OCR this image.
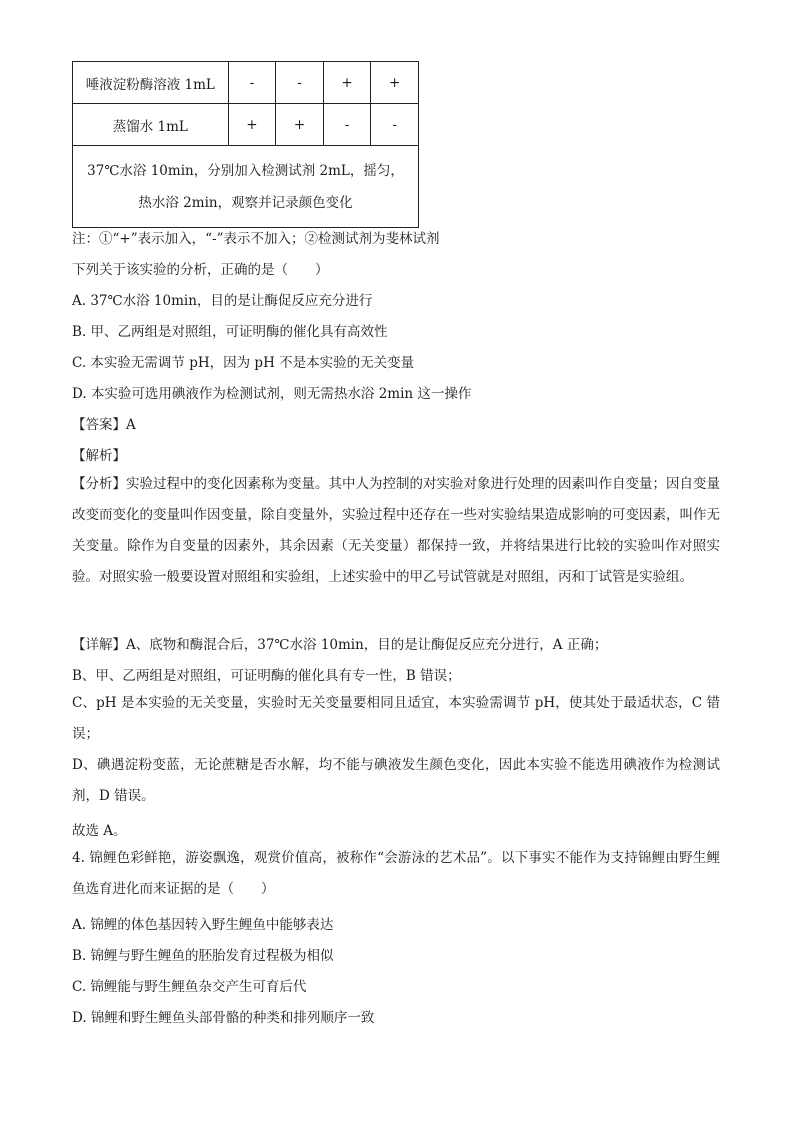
唾液淀粉酶溶液 1mL	-	-	+	+
蒸馏水 1mL	+	+	-	-
37℃水浴 10min，分别加入检测试剂 2mL，摇匀，热水浴 2min，观察并记录颜色变化				
注：①“+”表示加入，“-”表示不加入；②检测试剂为斐林试剂
下列关于该实验的分析，正确的是（　　）
A. 37℃水浴 10min，目的是让酶促反应充分进行
B. 甲、乙两组是对照组，可证明酶的催化具有高效性
C. 本实验无需调节 pH，因为 pH 不是本实验的无关变量
D. 本实验可选用碘液作为检测试剂，则无需热水浴 2min 这一操作
【答案】A
【解析】
【分析】实验过程中的变化因素称为变量。其中人为控制的对实验对象进行处理的因素叫作自变量；因自变量改变而变化的变量叫作因变量，除自变量外，实验过程中还存在一些对实验结果造成影响的可变因素，叫作无关变量。除作为自变量的因素外，其余因素（无关变量）都保持一致，并将结果进行比较的实验叫作对照实验。对照实验一般要设置对照组和实验组，上述实验中的甲乙号试管就是对照组，丙和丁试管是实验组。
【详解】A、底物和酶混合后，37℃水浴 10min，目的是让酶促反应充分进行，A 正确；
B、甲、乙两组是对照组，可证明酶的催化具有专一性，B 错误；
C、pH 是本实验的无关变量，实验时无关变量要相同且适宜，本实验需调节 pH，使其处于最适状态，C 错误；
D、碘遇淀粉变蓝，无论蔗糖是否水解，均不能与碘液发生颜色变化，因此本实验不能选用碘液作为检测试剂，D 错误。
故选 A。
4. 锦鲤色彩鲜艳，游姿飘逸，观赏价值高，被称作“会游泳的艺术品”。以下事实不能作为支持锦鲤由野生鲤鱼选育进化而来证据的是（　　）
A. 锦鲤的体色基因转入野生鲤鱼中能够表达
B. 锦鲤与野生鲤鱼的胚胎发育过程极为相似
C. 锦鲤能与野生鲤鱼杂交产生可育后代
D. 锦鲤和野生鲤鱼头部骨骼的种类和排列顺序一致
